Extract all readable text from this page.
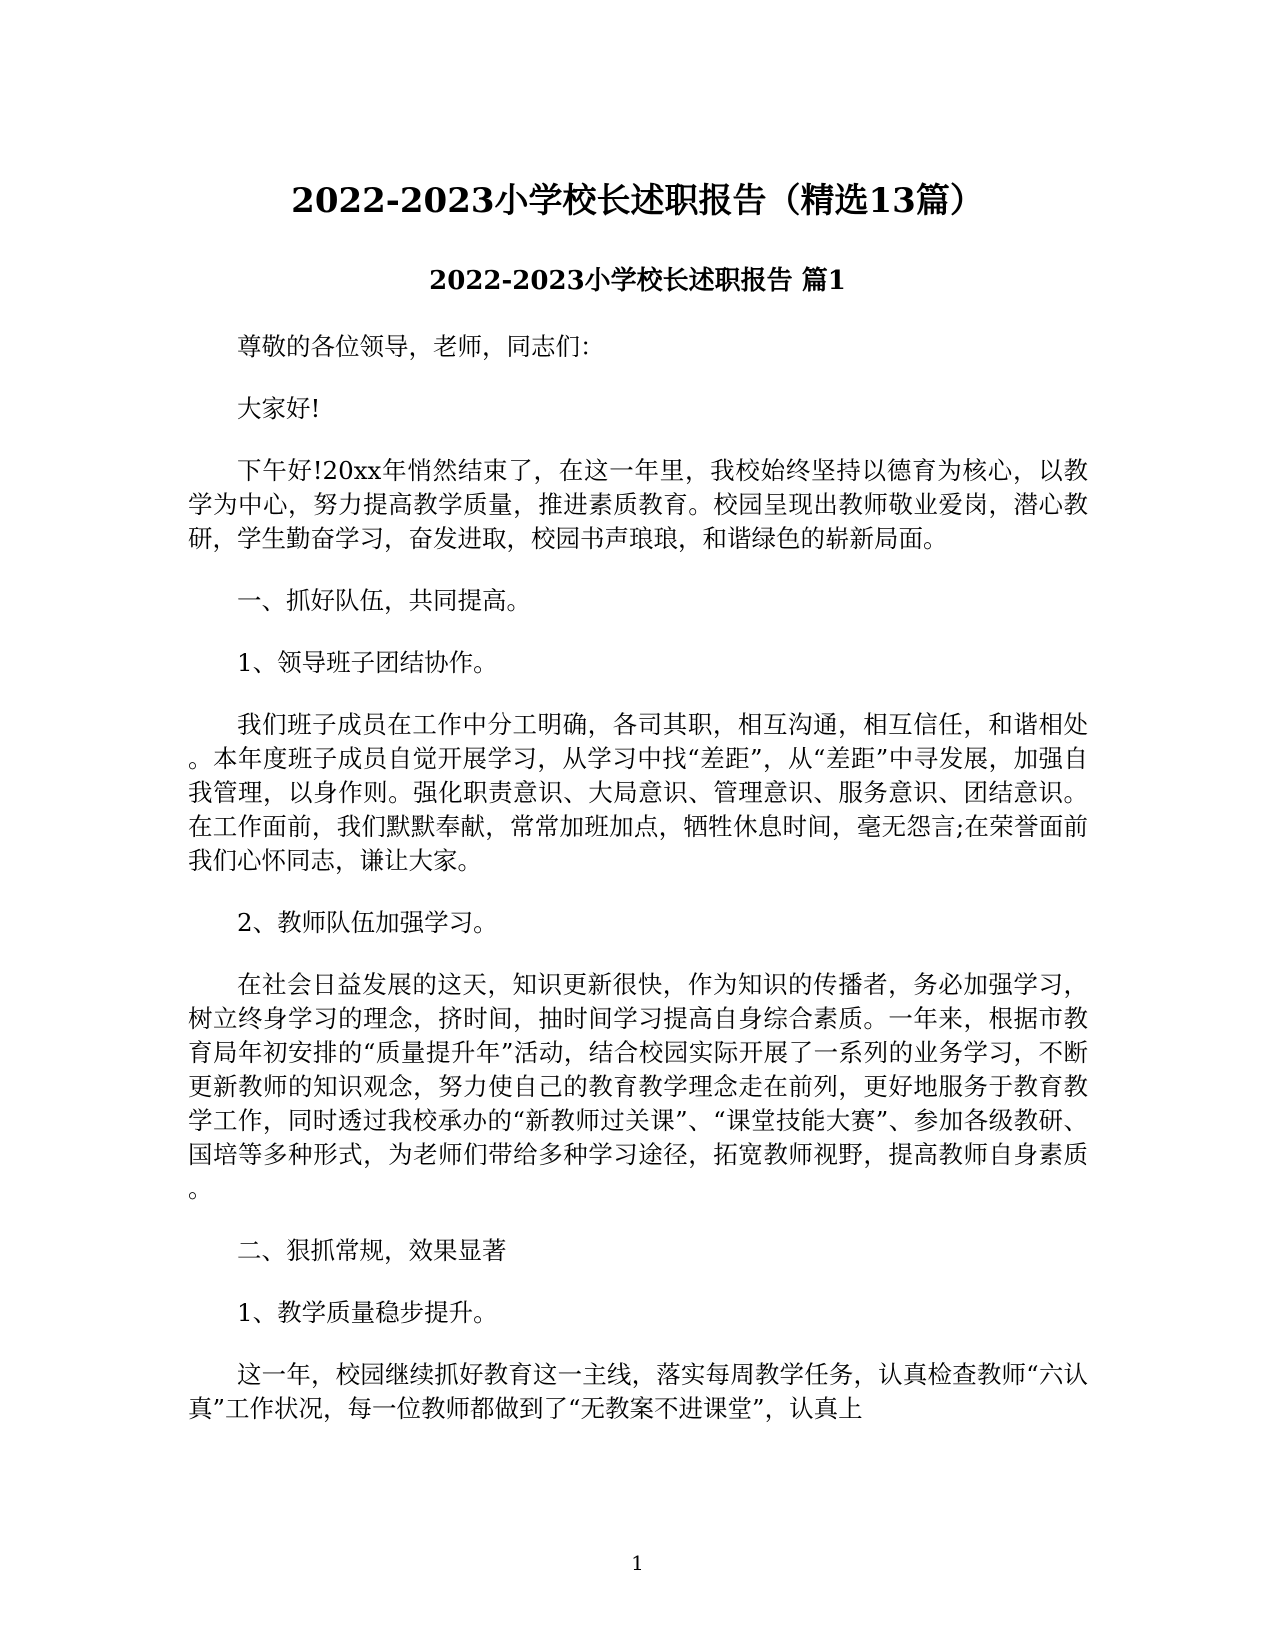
2022-2023小学校长述职报告（精选13篇）
2022-2023小学校长述职报告 篇1

尊敬的各位领导，老师，同志们：

大家好!

下午好!20xx年悄然结束了，在这一年里，我校始终坚持以德育为核心，以教学为中心，努力提高教学质量，推进素质教育。校园呈现出教师敬业爱岗，潜心教研，学生勤奋学习，奋发进取，校园书声琅琅，和谐绿色的崭新局面。

一、抓好队伍，共同提高。

1、领导班子团结协作。

我们班子成员在工作中分工明确，各司其职，相互沟通，相互信任，和谐相处。本年度班子成员自觉开展学习，从学习中找“差距”，从“差距”中寻发展，加强自我管理，以身作则。强化职责意识、大局意识、管理意识、服务意识、团结意识。在工作面前，我们默默奉献，常常加班加点，牺牲休息时间，毫无怨言;在荣誉面前我们心怀同志，谦让大家。

2、教师队伍加强学习。

在社会日益发展的这天，知识更新很快，作为知识的传播者，务必加强学习，树立终身学习的理念，挤时间，抽时间学习提高自身综合素质。一年来，根据市教育局年初安排的“质量提升年”活动，结合校园实际开展了一系列的业务学习，不断更新教师的知识观念，努力使自己的教育教学理念走在前列，更好地服务于教育教学工作，同时透过我校承办的“新教师过关课”、“课堂技能大赛”、参加各级教研、国培等多种形式，为老师们带给多种学习途径，拓宽教师视野，提高教师自身素质。

二、狠抓常规，效果显著

1、教学质量稳步提升。

这一年，校园继续抓好教育这一主线，落实每周教学任务，认真检查教师“六认真”工作状况，每一位教师都做到了“无教案不进课堂”，认真上

1
